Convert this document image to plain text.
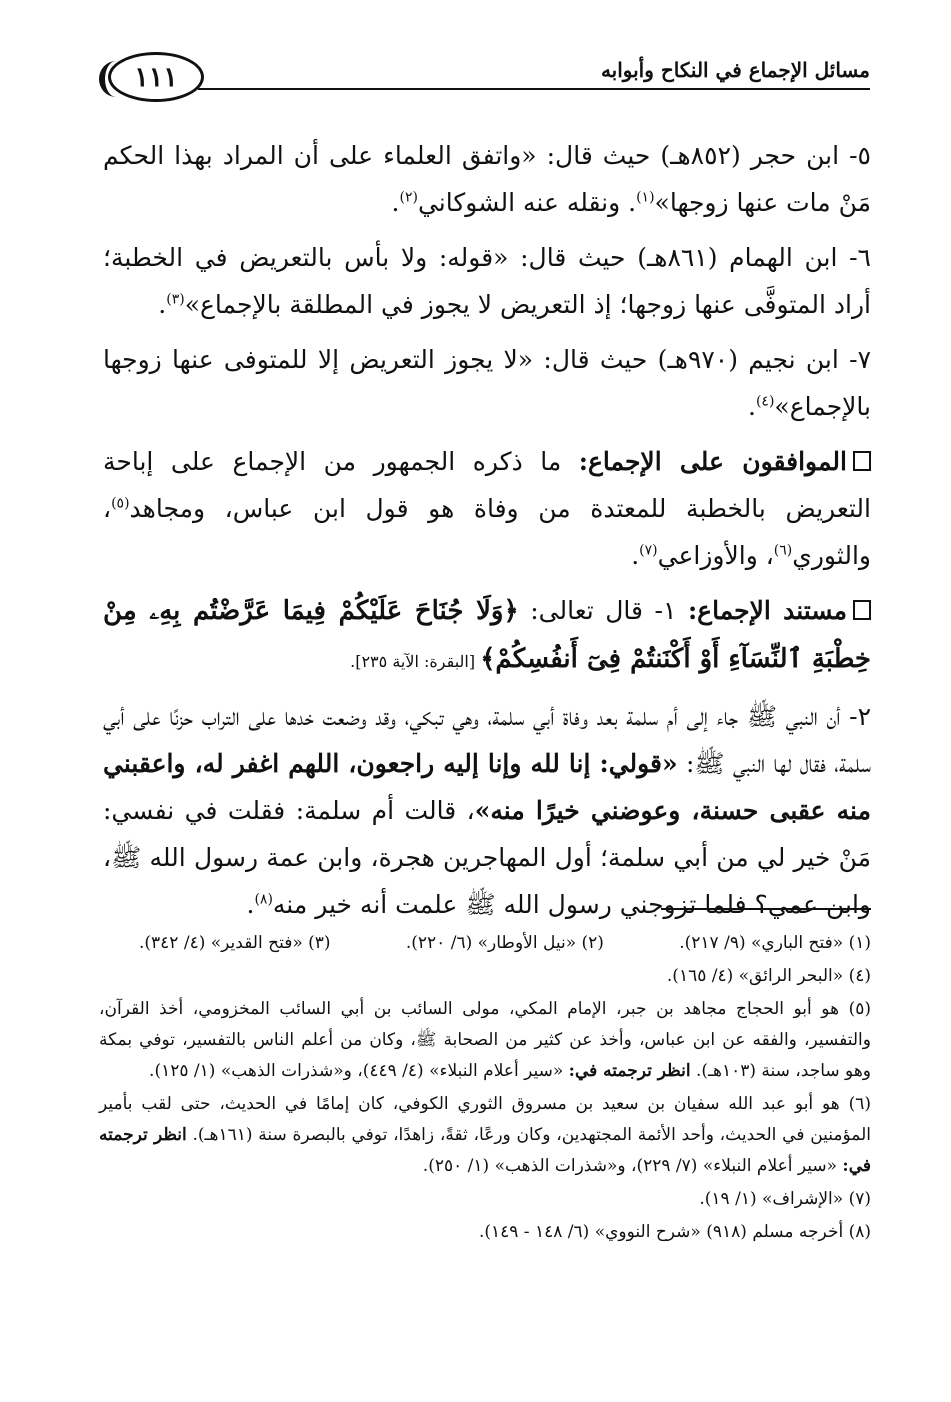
١١١	مسائل الإجماع في النكاح وأبوابه

٥- ابن حجر (٨٥٢هـ) حيث قال: «واتفق العلماء على أن المراد بهذا الحكم مَنْ مات عنها زوجها»$^{(١)}$. ونقله عنه الشوكاني$^{(٢)}$.

٦- ابن الهمام (٨٦١هـ) حيث قال: «قوله: ولا بأس بالتعريض في الخطبة؛ أراد المتوفَّى عنها زوجها؛ إذ التعريض لا يجوز في المطلقة بالإجماع»$^{(٣)}$.

٧- ابن نجيم (٩٧٠هـ) حيث قال: «لا يجوز التعريض إلا للمتوفى عنها زوجها بالإجماع»$^{(٤)}$.

الموافقون على الإجماع: ما ذكره الجمهور من الإجماع على إباحة التعريض بالخطبة للمعتدة من وفاة هو قول ابن عباس، ومجاهد$^{(٥)}$، والثوري$^{(٦)}$، والأوزاعي$^{(٧)}$.

مستند الإجماع: ١- قال تعالى: ﴿وَلَا جُنَاحَ عَلَيْكُمْ فِيمَا عَرَّضْتُم بِهِۦ مِنْ خِطْبَةِ ٱلنِّسَآءِ أَوْ أَكْنَنتُمْ فِىٓ أَنفُسِكُمْ﴾ [البقرة: الآية ٢٣٥].

٢- أن النبي ﷺ جاء إلى أم سلمة بعد وفاة أبي سلمة، وهي تبكي، وقد وضعت خدها على التراب حزنًا على أبي سلمة، فقال لها النبي ﷺ: «قولي: إنا لله وإنا إليه راجعون، اللهم اغفر له، واعقبني منه عقبى حسنة، وعوضني خيرًا منه»، قالت أم سلمة: فقلت في نفسي: مَنْ خير لي من أبي سلمة؛ أول المهاجرين هجرة، وابن عمة رسول الله ﷺ، وابن عمي؟ فلما تزوجني رسول الله ﷺ علمت أنه خير منه$^{(٨)}$.

(١) «فتح الباري» (٩/ ٢١٧).
(٢) «نيل الأوطار» (٦/ ٢٢٠).
(٣) «فتح القدير» (٤/ ٣٤٢).

(٤) «البحر الرائق» (٤/ ١٦٥).

(٥) هو أبو الحجاج مجاهد بن جبر، الإمام المكي، مولى السائب بن أبي السائب المخزومي، أخذ القرآن، والتفسير، والفقه عن ابن عباس، وأخذ عن كثير من الصحابة ﷺ، وكان من أعلم الناس بالتفسير، توفي بمكة وهو ساجد، سنة (١٠٣هـ). انظر ترجمته في: «سير أعلام النبلاء» (٤/ ٤٤٩)، و«شذرات الذهب» (١/ ١٢٥).

(٦) هو أبو عبد الله سفيان بن سعيد بن مسروق الثوري الكوفي، كان إمامًا في الحديث، حتى لقب بأمير المؤمنين في الحديث، وأحد الأئمة المجتهدين، وكان ورعًا، ثقةً، زاهدًا، توفي بالبصرة سنة (١٦١هـ). انظر ترجمته في: «سير أعلام النبلاء» (٧/ ٢٢٩)، و«شذرات الذهب» (١/ ٢٥٠).

(٧) «الإشراف» (١/ ١٩).

(٨) أخرجه مسلم (٩١٨) «شرح النووي» (٦/ ١٤٨ - ١٤٩).
